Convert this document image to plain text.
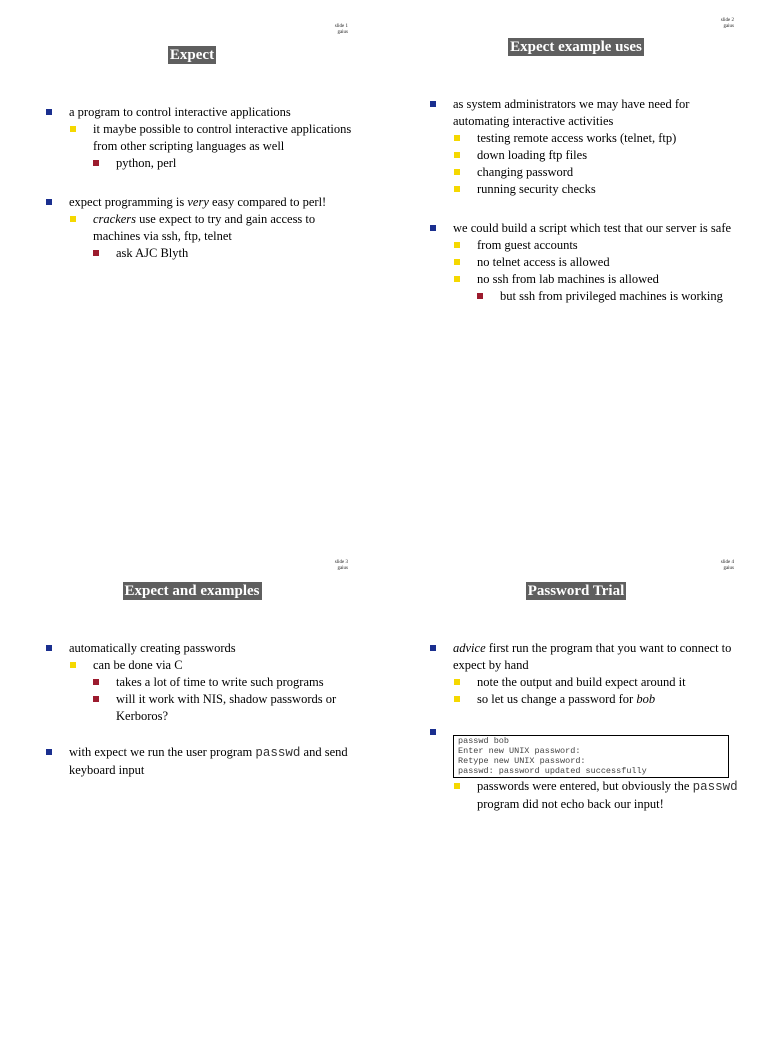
slide 1
gaius
Expect
a program to control interactive applications
it maybe possible to control interactive applications from other scripting languages as well
python, perl
expect programming is very easy compared to perl!
crackers use expect to try and gain access to machines via ssh, ftp, telnet
ask AJC Blyth
slide 2
gaius
Expect example uses
as system administrators we may have need for automating interactive activities
testing remote access works (telnet, ftp)
down loading ftp files
changing password
running security checks
we could build a script which test that our server is safe
from guest accounts
no telnet access is allowed
no ssh from lab machines is allowed
but ssh from privileged machines is working
slide 3
gaius
Expect and examples
automatically creating passwords
can be done via C
takes a lot of time to write such programs
will it work with NIS, shadow passwords or Kerboros?
with expect we run the user program passwd and send keyboard input
slide 4
gaius
Password Trial
advice first run the program that you want to connect to expect by hand
note the output and build expect around it
so let us change a password for bob
passwd bob
Enter new UNIX password:
Retype new UNIX password:
passwd: password updated successfully
passwords were entered, but obviously the passwd program did not echo back our input!
